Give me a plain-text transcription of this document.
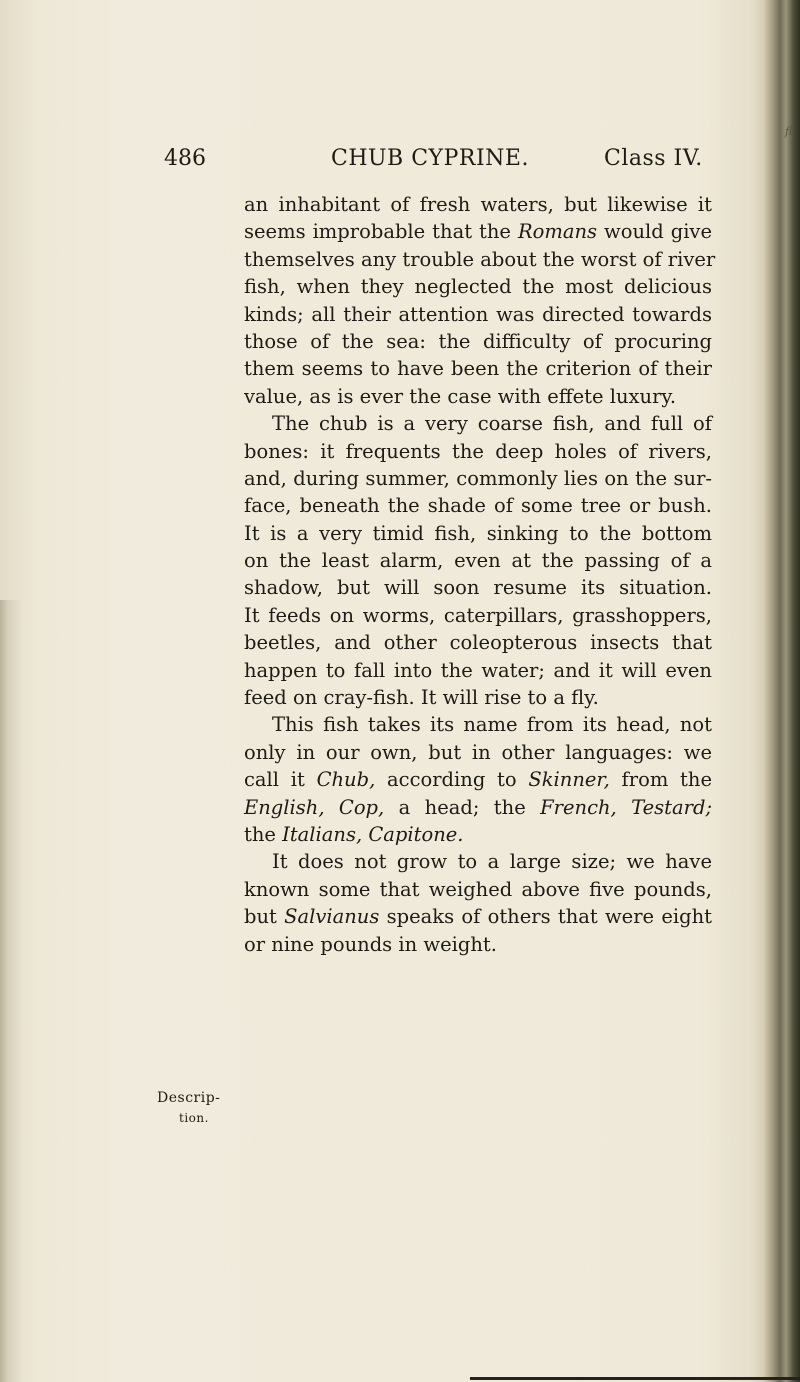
fl
486	CHUB CYPRINE.	Class IV.
Descrip-
tion.
an inhabitant of fresh waters, but likewise it
seems improbable that the Romans would give
themselves any trouble about the worst of river
fish, when they neglected the most delicious
kinds; all their attention was directed towards
those of the sea: the difficulty of procuring
them seems to have been the criterion of their
value, as is ever the case with effete luxury.
The chub is a very coarse fish, and full of
bones: it frequents the deep holes of rivers,
and, during summer, commonly lies on the sur-
face, beneath the shade of some tree or bush.
It is a very timid fish, sinking to the bottom
on the least alarm, even at the passing of a
shadow, but will soon resume its situation.
It feeds on worms, caterpillars, grasshoppers,
beetles, and other coleopterous insects that
happen to fall into the water; and it will even
feed on cray-fish. It will rise to a fly.
This fish takes its name from its head, not
only in our own, but in other languages: we
call it Chub, according to Skinner, from the
English, Cop, a head; the French, Testard;
the Italians, Capitone.
It does not grow to a large size; we have
known some that weighed above five pounds,
but Salvianus speaks of others that were eight
or nine pounds in weight.
